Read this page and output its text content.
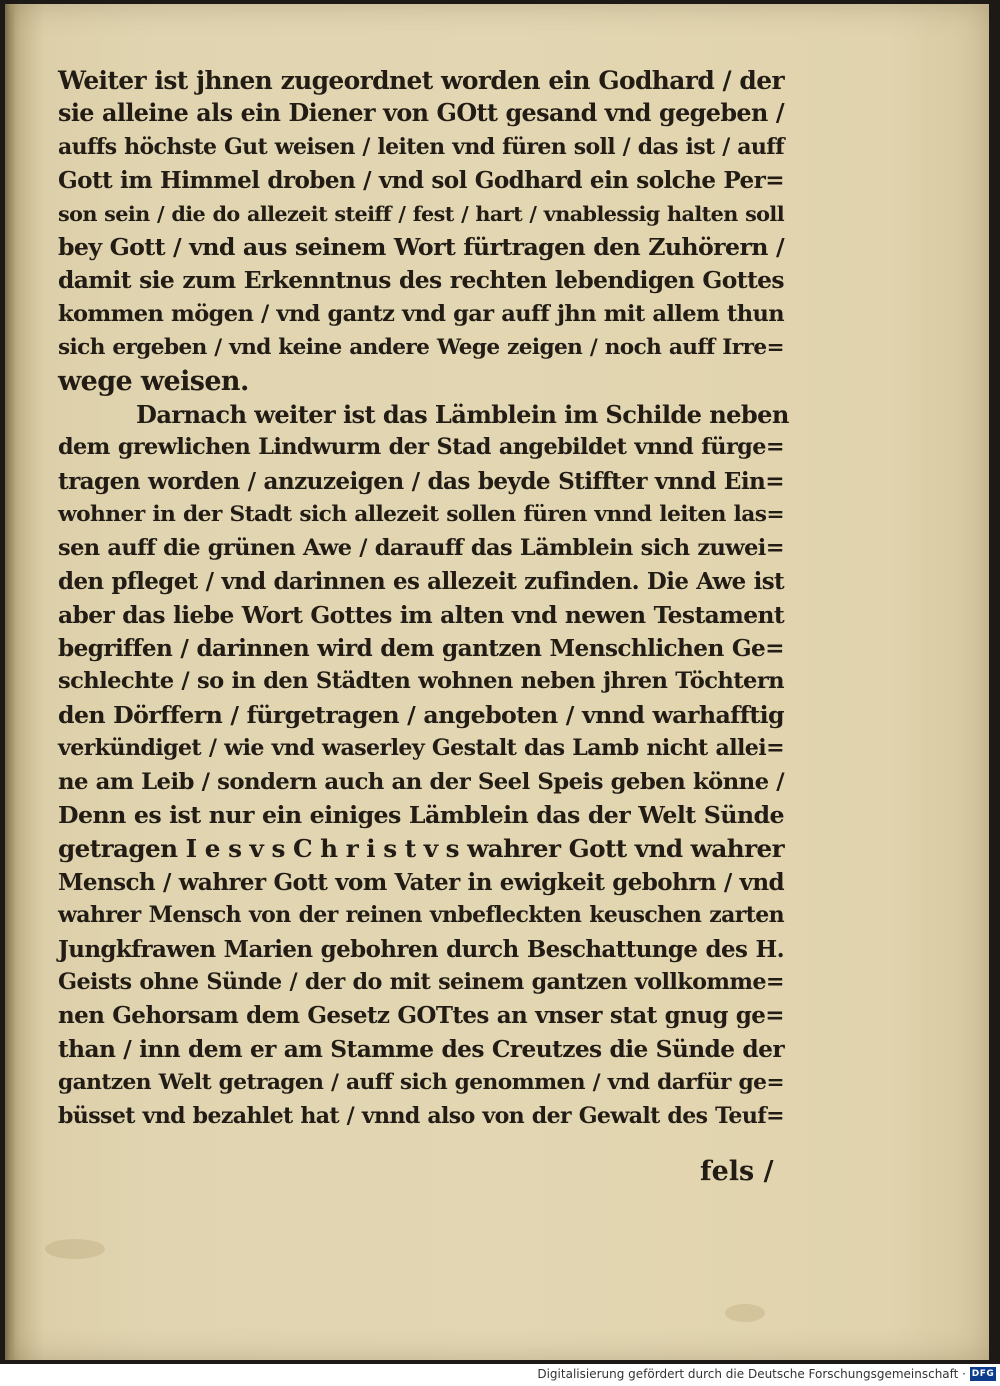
Weiter ist jhnen zugeordnet worden ein Godhard / der
sie alleine als ein Diener von GOtt gesand vnd gegeben /
auffs höchste Gut weisen / leiten vnd füren soll / das ist / auff
Gott im Himmel droben / vnd sol Godhard ein solche Per=
son sein / die do allezeit steiff / fest / hart / vnablessig halten soll
bey Gott / vnd aus seinem Wort fürtragen den Zuhörern /
damit sie zum Erkenntnus des rechten lebendigen Gottes
kommen mögen / vnd gantz vnd gar auff jhn mit allem thun
sich ergeben / vnd keine andere Wege zeigen / noch auff Irre=
wege weisen.
Darnach weiter ist das Lämblein im Schilde neben
dem grewlichen Lindwurm der Stad angebildet vnnd fürge=
tragen worden / anzuzeigen / das beyde Stiffter vnnd Ein=
wohner in der Stadt sich allezeit sollen füren vnnd leiten las=
sen auff die grünen Awe / darauff das Lämblein sich zuwei=
den pfleget / vnd darinnen es allezeit zufinden. Die Awe ist
aber das liebe Wort Gottes im alten vnd newen Testament
begriffen / darinnen wird dem gantzen Menschlichen Ge=
schlechte / so in den Städten wohnen neben jhren Töchtern
den Dörffern / fürgetragen / angeboten / vnnd warhafftig
verkündiget / wie vnd waserley Gestalt das Lamb nicht allei=
ne am Leib / sondern auch an der Seel Speis geben könne /
Denn es ist nur ein einiges Lämblein das der Welt Sünde
getragen I e s v s C h r i s t v s wahrer Gott vnd wahrer
Mensch / wahrer Gott vom Vater in ewigkeit gebohrn / vnd
wahrer Mensch von der reinen vnbefleckten keuschen zarten
Jungkfrawen Marien gebohren durch Beschattunge des H.
Geists ohne Sünde / der do mit seinem gantzen vollkomme=
nen Gehorsam dem Gesetz GOTtes an vnser stat gnug ge=
than / inn dem er am Stamme des Creutzes die Sünde der
gantzen Welt getragen / auff sich genommen / vnd darfür ge=
büsset vnd bezahlet hat / vnnd also von der Gewalt des Teuf=
fels /
Digitalisierung gefördert durch die Deutsche Forschungsgemeinschaft · DFG
